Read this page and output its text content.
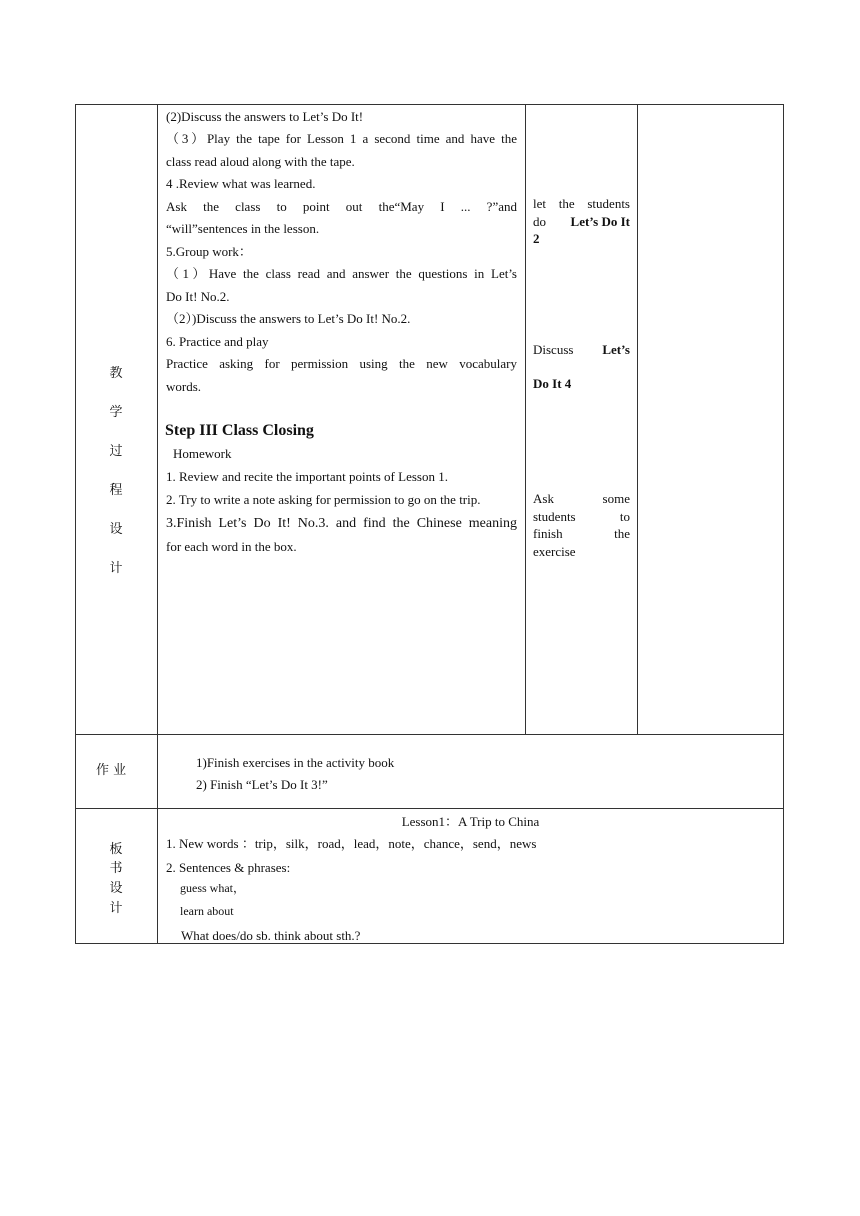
教
学
过
程
设
计
(2)Discuss the answers to Let’s Do It!
（3）Play the tape for Lesson 1 a second time and have the
class read aloud along with the tape.
4 .Review what was learned.
Ask the class to point out the“May I ... ?”and
“will”sentences in the lesson.
5.Group work：
（1）Have the class read and answer the questions in Let’s
Do It! No.2.
（2）)Discuss the answers to Let’s Do It! No.2.
6. Practice and play
Practice asking for permission using the new vocabulary
words.
Step III Class Closing
Homework
1. Review and recite the important points of Lesson 1.
2. Try to write a note asking for permission to go on the trip.
3.Finish Let’s Do It! No.3. and find the Chinese meaning
for each word in the box.
let the students
do Let’s Do It
2
Discuss Let’s
Do It 4
Ask some
students to
finish the
exercise
作 业
1)Finish exercises in the activity book
2) Finish “Let’s Do It 3!”
板
书
设
计
Lesson1：A Trip to China
1. New words ：trip，silk，road，lead，note，chance，send，news
2. Sentences & phrases:
guess what，
learn about
What does/do sb. think about sth.?
